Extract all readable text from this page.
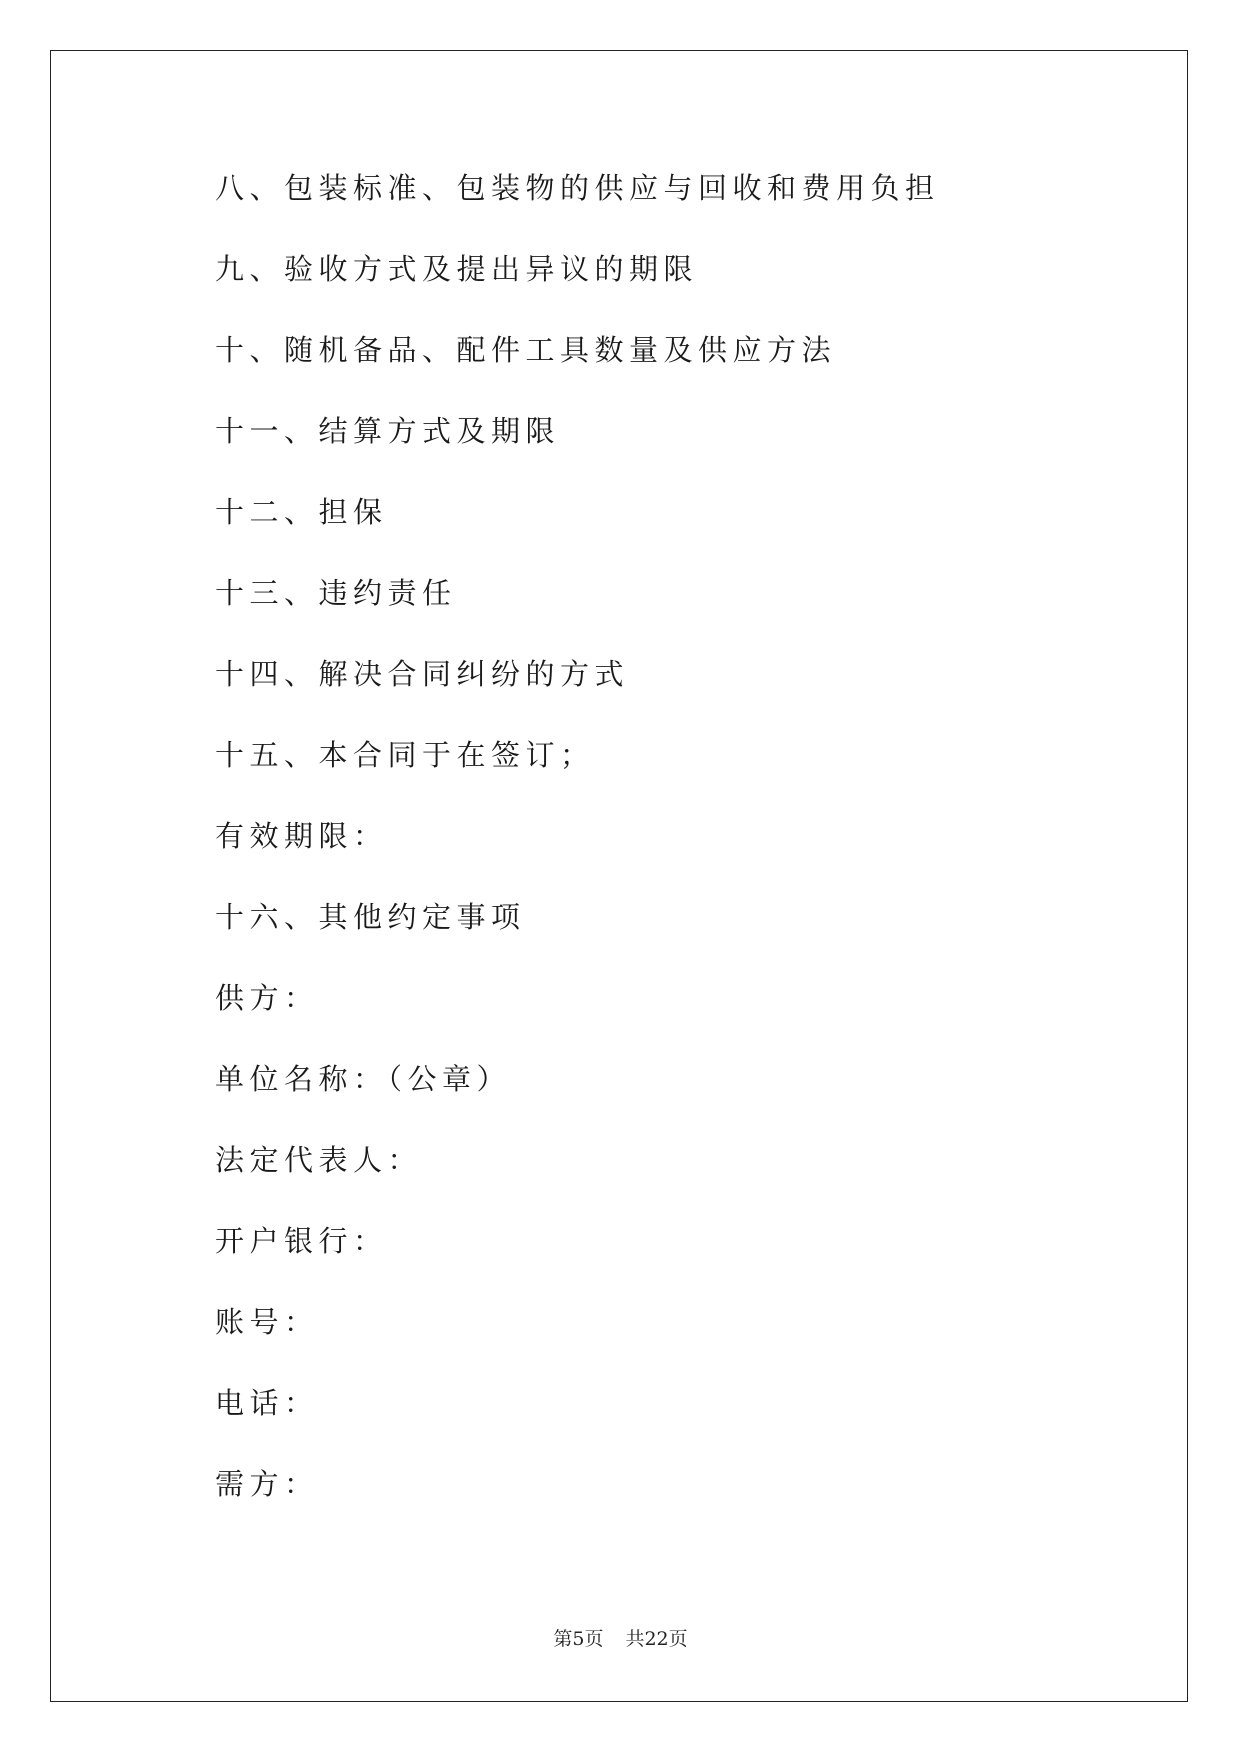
八、包装标准、包装物的供应与回收和费用负担
九、验收方式及提出异议的期限
十、随机备品、配件工具数量及供应方法
十一、结算方式及期限
十二、担保
十三、违约责任
十四、解决合同纠纷的方式
十五、本合同于在签订；
有效期限：
十六、其他约定事项
供方：
单位名称：（公章）
法定代表人：
开户银行：
账号：
电话：
需方：
第5页 共22页
